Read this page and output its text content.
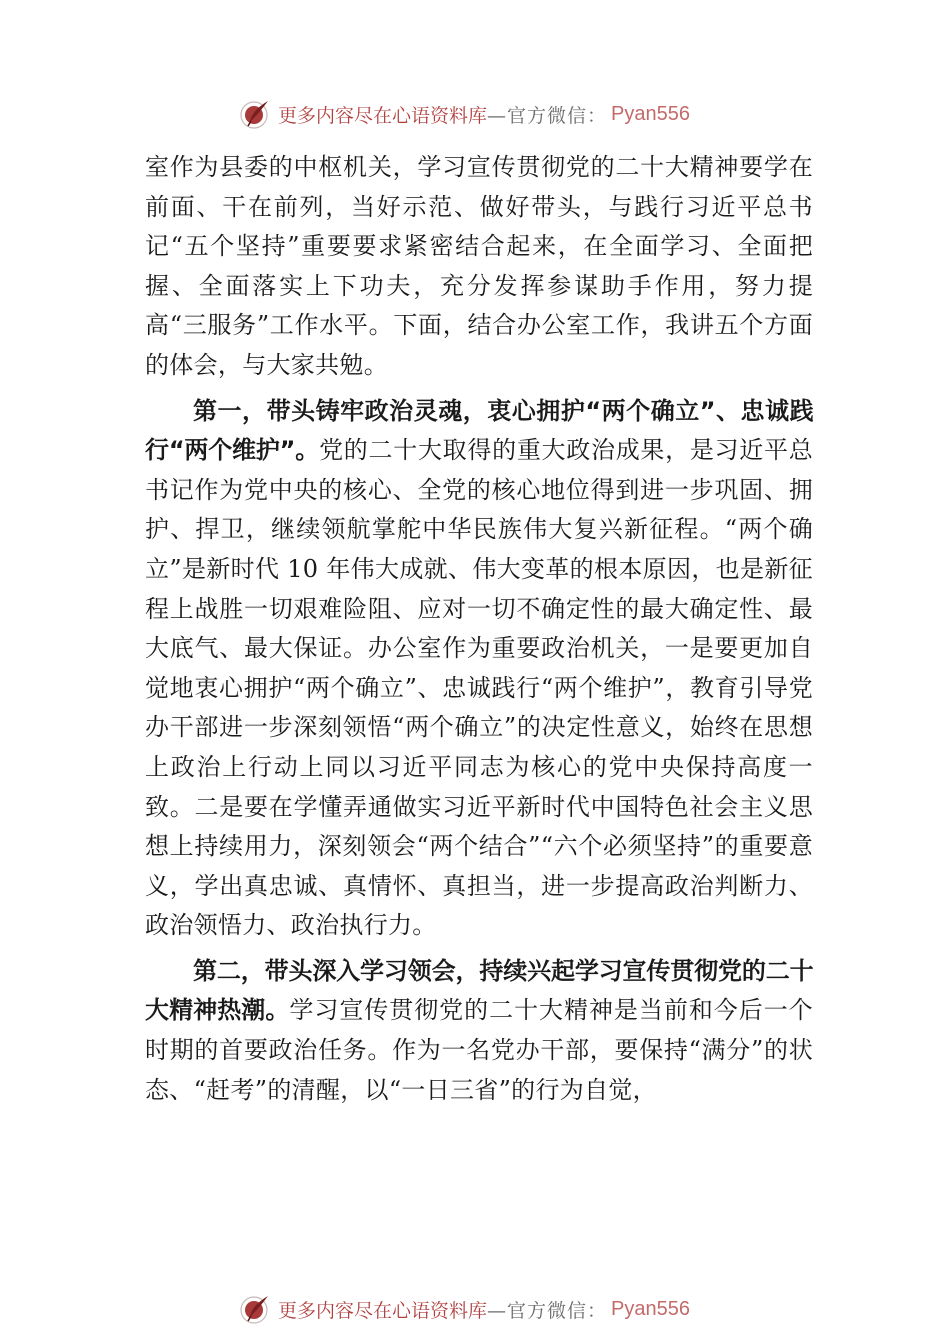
更多内容尽在心语资料库 —官方微信： Pyan556

室作为县委的中枢机关，学习宣传贯彻党的二十大精神要学在前面、干在前列，当好示范、做好带头，与践行习近平总书记“五个坚持”重要要求紧密结合起来，在全面学习、全面把握、全面落实上下功夫，充分发挥参谋助手作用，努力提高“三服务”工作水平。下面，结合办公室工作，我讲五个方面的体会，与大家共勉。

第一，带头铸牢政治灵魂，衷心拥护“两个确立”、忠诚践行“两个维护”。党的二十大取得的重大政治成果，是习近平总书记作为党中央的核心、全党的核心地位得到进一步巩固、拥护、捍卫，继续领航掌舵中华民族伟大复兴新征程。“两个确立”是新时代 10 年伟大成就、伟大变革的根本原因，也是新征程上战胜一切艰难险阻、应对一切不确定性的最大确定性、最大底气、最大保证。办公室作为重要政治机关，一是要更加自觉地衷心拥护“两个确立”、忠诚践行“两个维护”，教育引导党办干部进一步深刻领悟“两个确立”的决定性意义，始终在思想上政治上行动上同以习近平同志为核心的党中央保持高度一致。二是要在学懂弄通做实习近平新时代中国特色社会主义思想上持续用力，深刻领会“两个结合”“六个必须坚持”的重要意义，学出真忠诚、真情怀、真担当，进一步提高政治判断力、政治领悟力、政治执行力。

第二，带头深入学习领会，持续兴起学习宣传贯彻党的二十大精神热潮。学习宣传贯彻党的二十大精神是当前和今后一个时期的首要政治任务。作为一名党办干部，要保持“满分”的状态、“赶考”的清醒，以“一日三省”的行为自觉，

更多内容尽在心语资料库 —官方微信： Pyan556
